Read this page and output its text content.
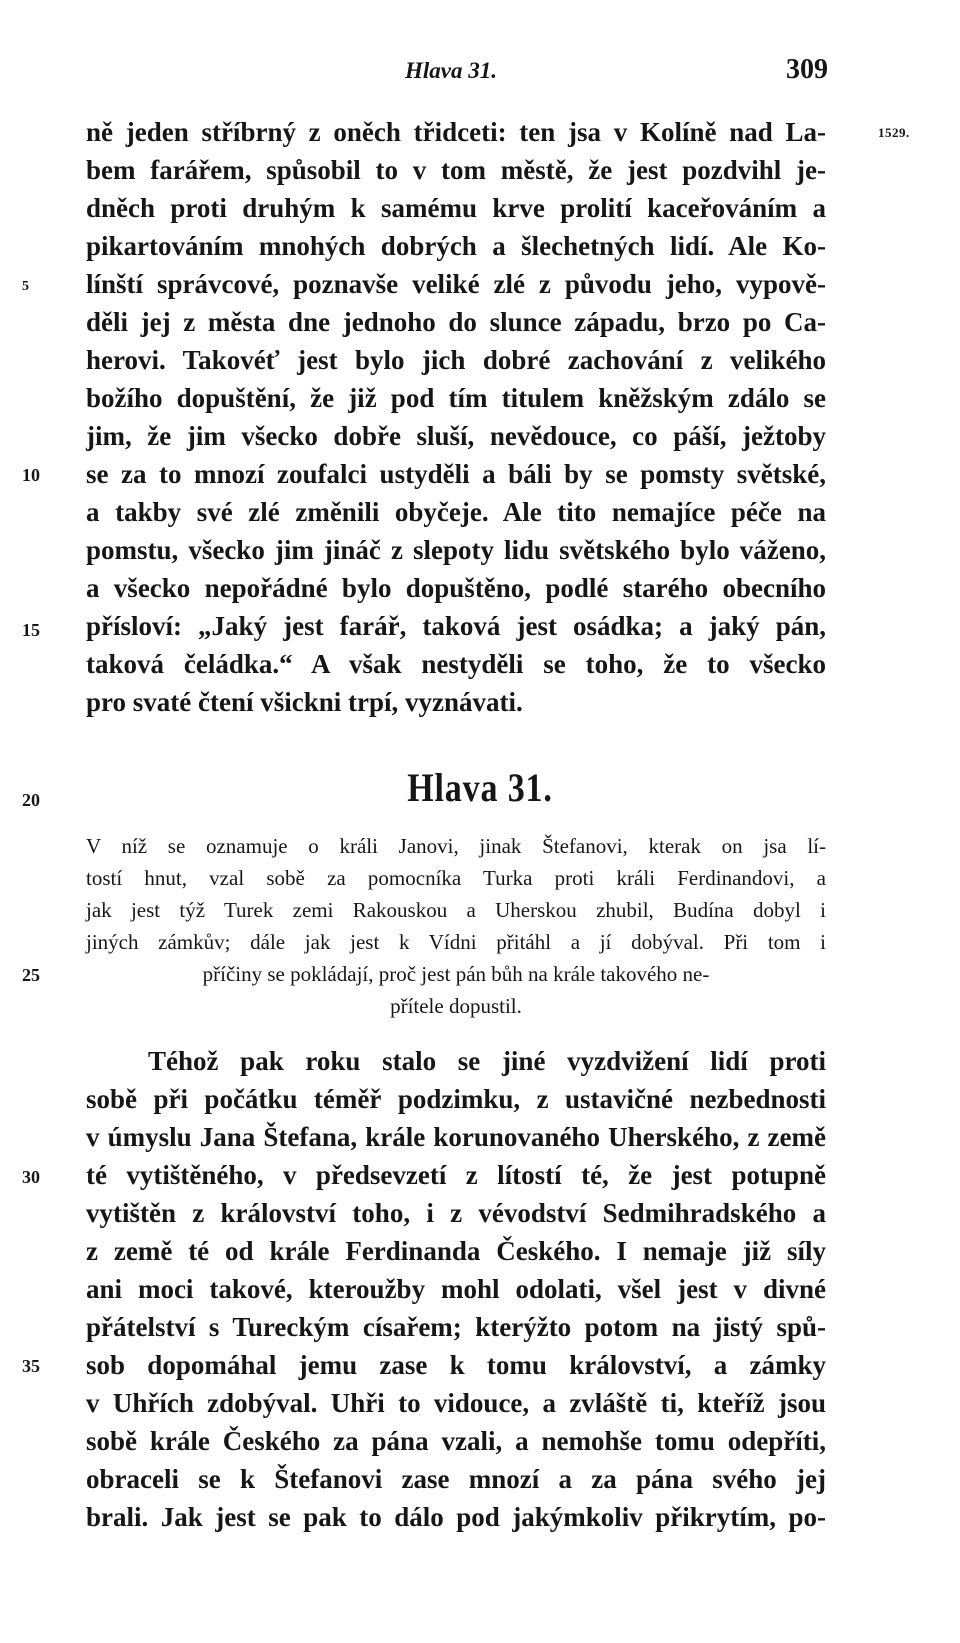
Hlava 31.	309
1529.
ně jeden stříbrný z oněch třidceti: ten jsa v Kolíně nad La-
bem farářem, spůsobil to v tom městě, že jest pozdvihl je-
dněch proti druhým k samému krve prolití kaceřováním a
pikartováním mnohých dobrých a šlechetných lidí. Ale Ko-
línští správcové, poznavše veliké zlé z původu jeho, vypově-
děli jej z města dne jednoho do slunce západu, brzo po Ca-
herovi. Takovéť jest bylo jich dobré zachování z velikého
božího dopuštění, že již pod tím titulem kněžským zdálo se
jim, že jim všecko dobře sluší, nevědouce, co páší, ježtoby
se za to mnozí zoufalci ustyděli a báli by se pomsty světské,
a takby své zlé změnili obyčeje. Ale tito nemajíce péče na
pomstu, všecko jim jináč z slepoty lidu světského bylo váženo,
a všecko nepořádné bylo dopuštěno, podlé starého obecního
přísloví: „Jaký jest farář, taková jest osádka; a jaký pán,
taková čeládka.“ A však nestyděli se toho, že to všecko
pro svaté čtení všickni trpí, vyznávati.
Hlava 31.
V níž se oznamuje o králi Janovi, jinak Štefanovi, kterak on jsa lí-
tostí hnut, vzal sobě za pomocníka Turka proti králi Ferdinandovi, a
jak jest týž Turek zemi Rakouskou a Uherskou zhubil, Budína dobyl i
jiných zámkův; dále jak jest k Vídni přitáhl a jí dobýval. Při tom i
příčiny se pokládají, proč jest pán bůh na krále takového ne-
přítele dopustil.
Téhož pak roku stalo se jiné vyzdvižení lidí proti
sobě při počátku téměř podzimku, z ustavičné nezbednosti
v úmyslu Jana Štefana, krále korunovaného Uherského, z země
té vytištěného, v předsevzetí z lítostí té, že jest potupně
vytištěn z království toho, i z vévodství Sedmihradského a
z země té od krále Ferdinanda Českého. I nemaje již síly
ani moci takové, kteroužby mohl odolati, všel jest v divné
přátelství s Tureckým císařem; kterýžto potom na jistý spů-
sob dopomáhal jemu zase k tomu království, a zámky
v Uhřích zdobýval. Uhři to vidouce, a zvláště ti, kteříž jsou
sobě krále Českého za pána vzali, a nemohše tomu odepříti,
obraceli se k Štefanovi zase mnozí a za pána svého jej
brali. Jak jest se pak to dálo pod jakýmkoliv přikrytím, po-
5
10
15
20
25
30
35
